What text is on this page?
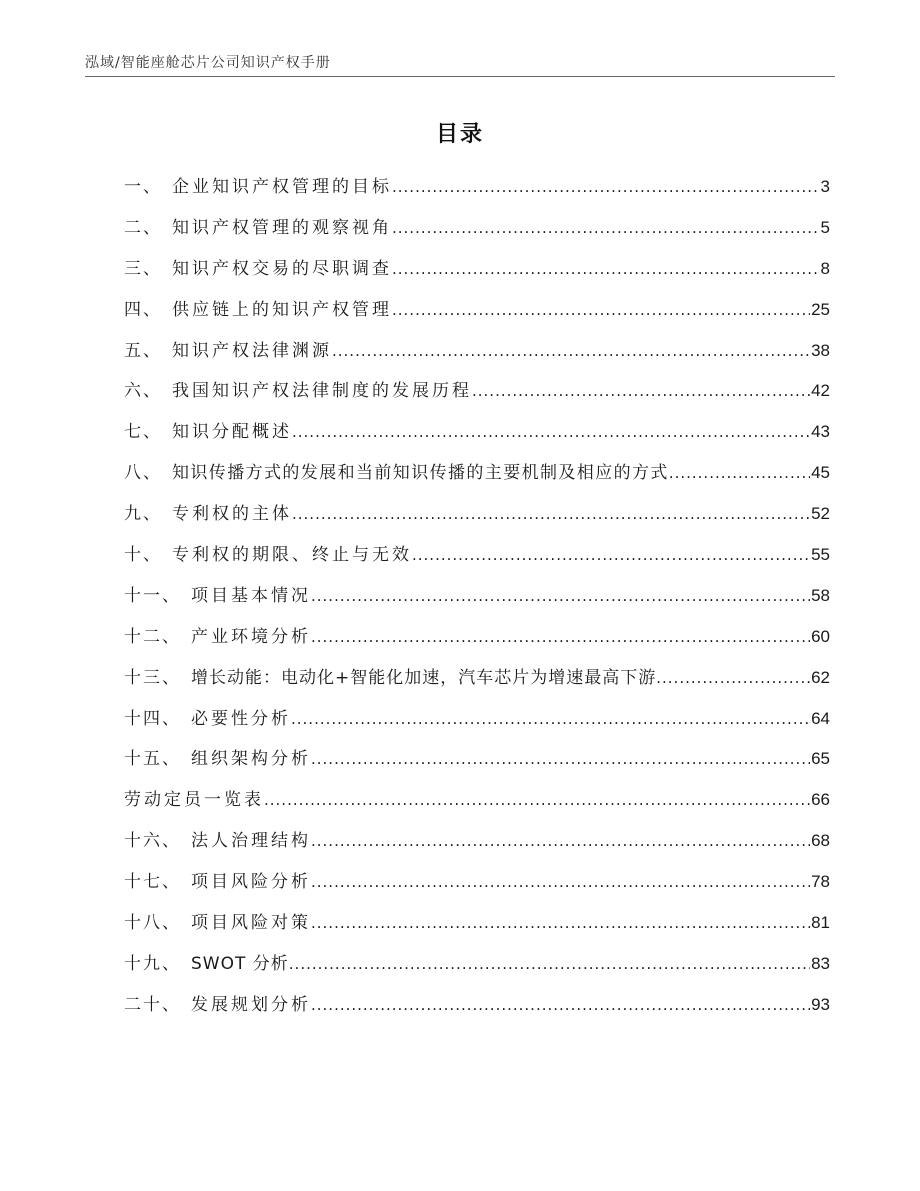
泓域/智能座舱芯片公司知识产权手册
目录
一、 企业知识产权管理的目标 .....	3
二、 知识产权管理的观察视角 .....	5
三、 知识产权交易的尽职调查 .....	8
四、 供应链上的知识产权管理 .....	25
五、 知识产权法律渊源 .....	38
六、 我国知识产权法律制度的发展历程 .....	42
七、 知识分配概述 .....	43
八、 知识传播方式的发展和当前知识传播的主要机制及相应的方式 .....	45
九、 专利权的主体 .....	52
十、 专利权的期限、终止与无效 .....	55
十一、 项目基本情况 .....	58
十二、 产业环境分析 .....	60
十三、 增长动能：电动化+智能化加速，汽车芯片为增速最高下游 .....	62
十四、 必要性分析 .....	64
十五、 组织架构分析 .....	65
劳动定员一览表 .....	66
十六、 法人治理结构 .....	68
十七、 项目风险分析 .....	78
十八、 项目风险对策 .....	81
十九、 SWOT 分析 .....	83
二十、 发展规划分析 .....	93
